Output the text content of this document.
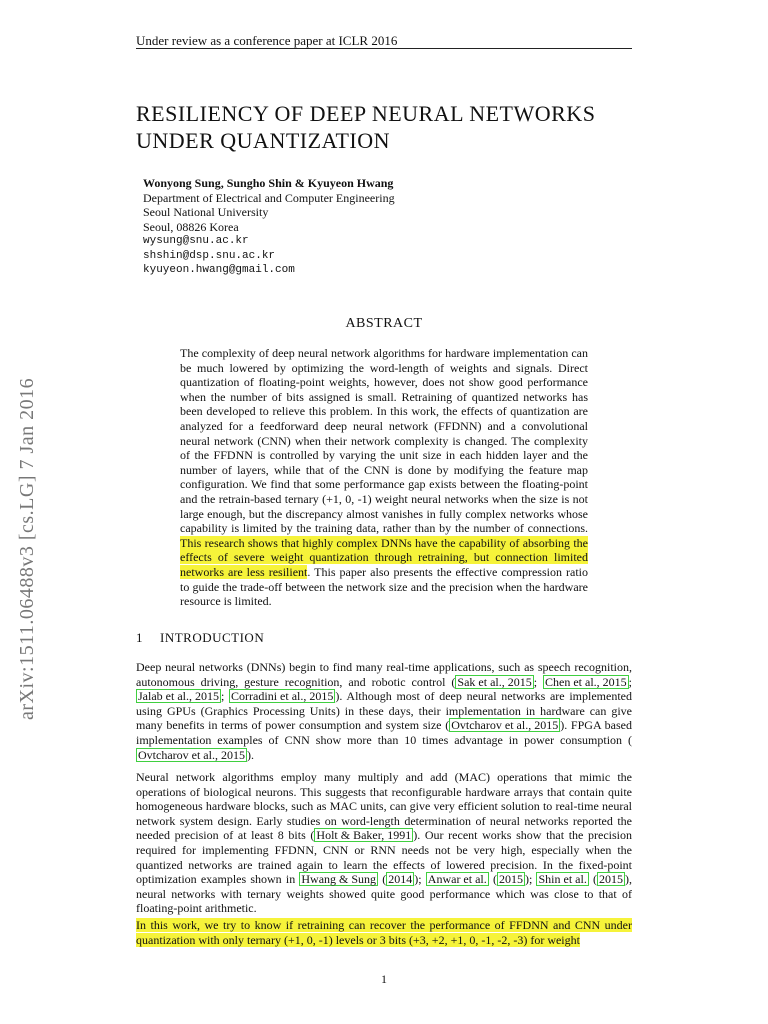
Under review as a conference paper at ICLR 2016
arXiv:1511.06488v3 [cs.LG] 7 Jan 2016
RESILIENCY OF DEEP NEURAL NETWORKS
UNDER QUANTIZATION
Wonyong Sung, Sungho Shin & Kyuyeon Hwang
Department of Electrical and Computer Engineering
Seoul National University
Seoul, 08826 Korea
wysung@snu.ac.kr
shshin@dsp.snu.ac.kr
kyuyeon.hwang@gmail.com
ABSTRACT
The complexity of deep neural network algorithms for hardware implementation can be much lowered by optimizing the word-length of weights and signals. Direct quantization of floating-point weights, however, does not show good performance when the number of bits assigned is small. Retraining of quantized networks has been developed to relieve this problem. In this work, the effects of quantization are analyzed for a feedforward deep neural network (FFDNN) and a convolutional neural network (CNN) when their network complexity is changed. The complexity of the FFDNN is controlled by varying the unit size in each hidden layer and the number of layers, while that of the CNN is done by modifying the feature map configuration. We find that some performance gap exists between the floating-point and the retrain-based ternary (+1, 0, -1) weight neural networks when the size is not large enough, but the discrepancy almost vanishes in fully complex networks whose capability is limited by the training data, rather than by the number of connections. This research shows that highly complex DNNs have the capability of absorbing the effects of severe weight quantization through retraining, but connection limited networks are less resilient. This paper also presents the effective compression ratio to guide the trade-off between the network size and the precision when the hardware resource is limited.
1 INTRODUCTION
Deep neural networks (DNNs) begin to find many real-time applications, such as speech recognition, autonomous driving, gesture recognition, and robotic control ( Sak et al., 2015 ; Chen et al., 2015 ; Jalab et al., 2015 ; Corradini et al., 2015 ). Although most of deep neural networks are implemented using GPUs (Graphics Processing Units) in these days, their implementation in hardware can give many benefits in terms of power consumption and system size ( Ovtcharov et al., 2015 ). FPGA based implementation examples of CNN show more than 10 times advantage in power consumption (Ovtcharov et al., 2015 ).
Neural network algorithms employ many multiply and add (MAC) operations that mimic the operations of biological neurons. This suggests that reconfigurable hardware arrays that contain quite homogeneous hardware blocks, such as MAC units, can give very efficient solution to real-time neural network system design. Early studies on word-length determination of neural networks reported the needed precision of at least 8 bits ( Holt & Baker, 1991 ). Our recent works show that the precision required for implementing FFDNN, CNN or RNN needs not be very high, especially when the quantized networks are trained again to learn the effects of lowered precision. In the fixed-point optimization examples shown in Hwang & Sung ( 2014 ); Anwar et al. ( 2015 ); Shin et al. ( 2015 ), neural networks with ternary weights showed quite good performance which was close to that of floating-point arithmetic.
In this work, we try to know if retraining can recover the performance of FFDNN and CNN under quantization with only ternary (+1, 0, -1) levels or 3 bits (+3, +2, +1, 0, -1, -2, -3) for weight
1
